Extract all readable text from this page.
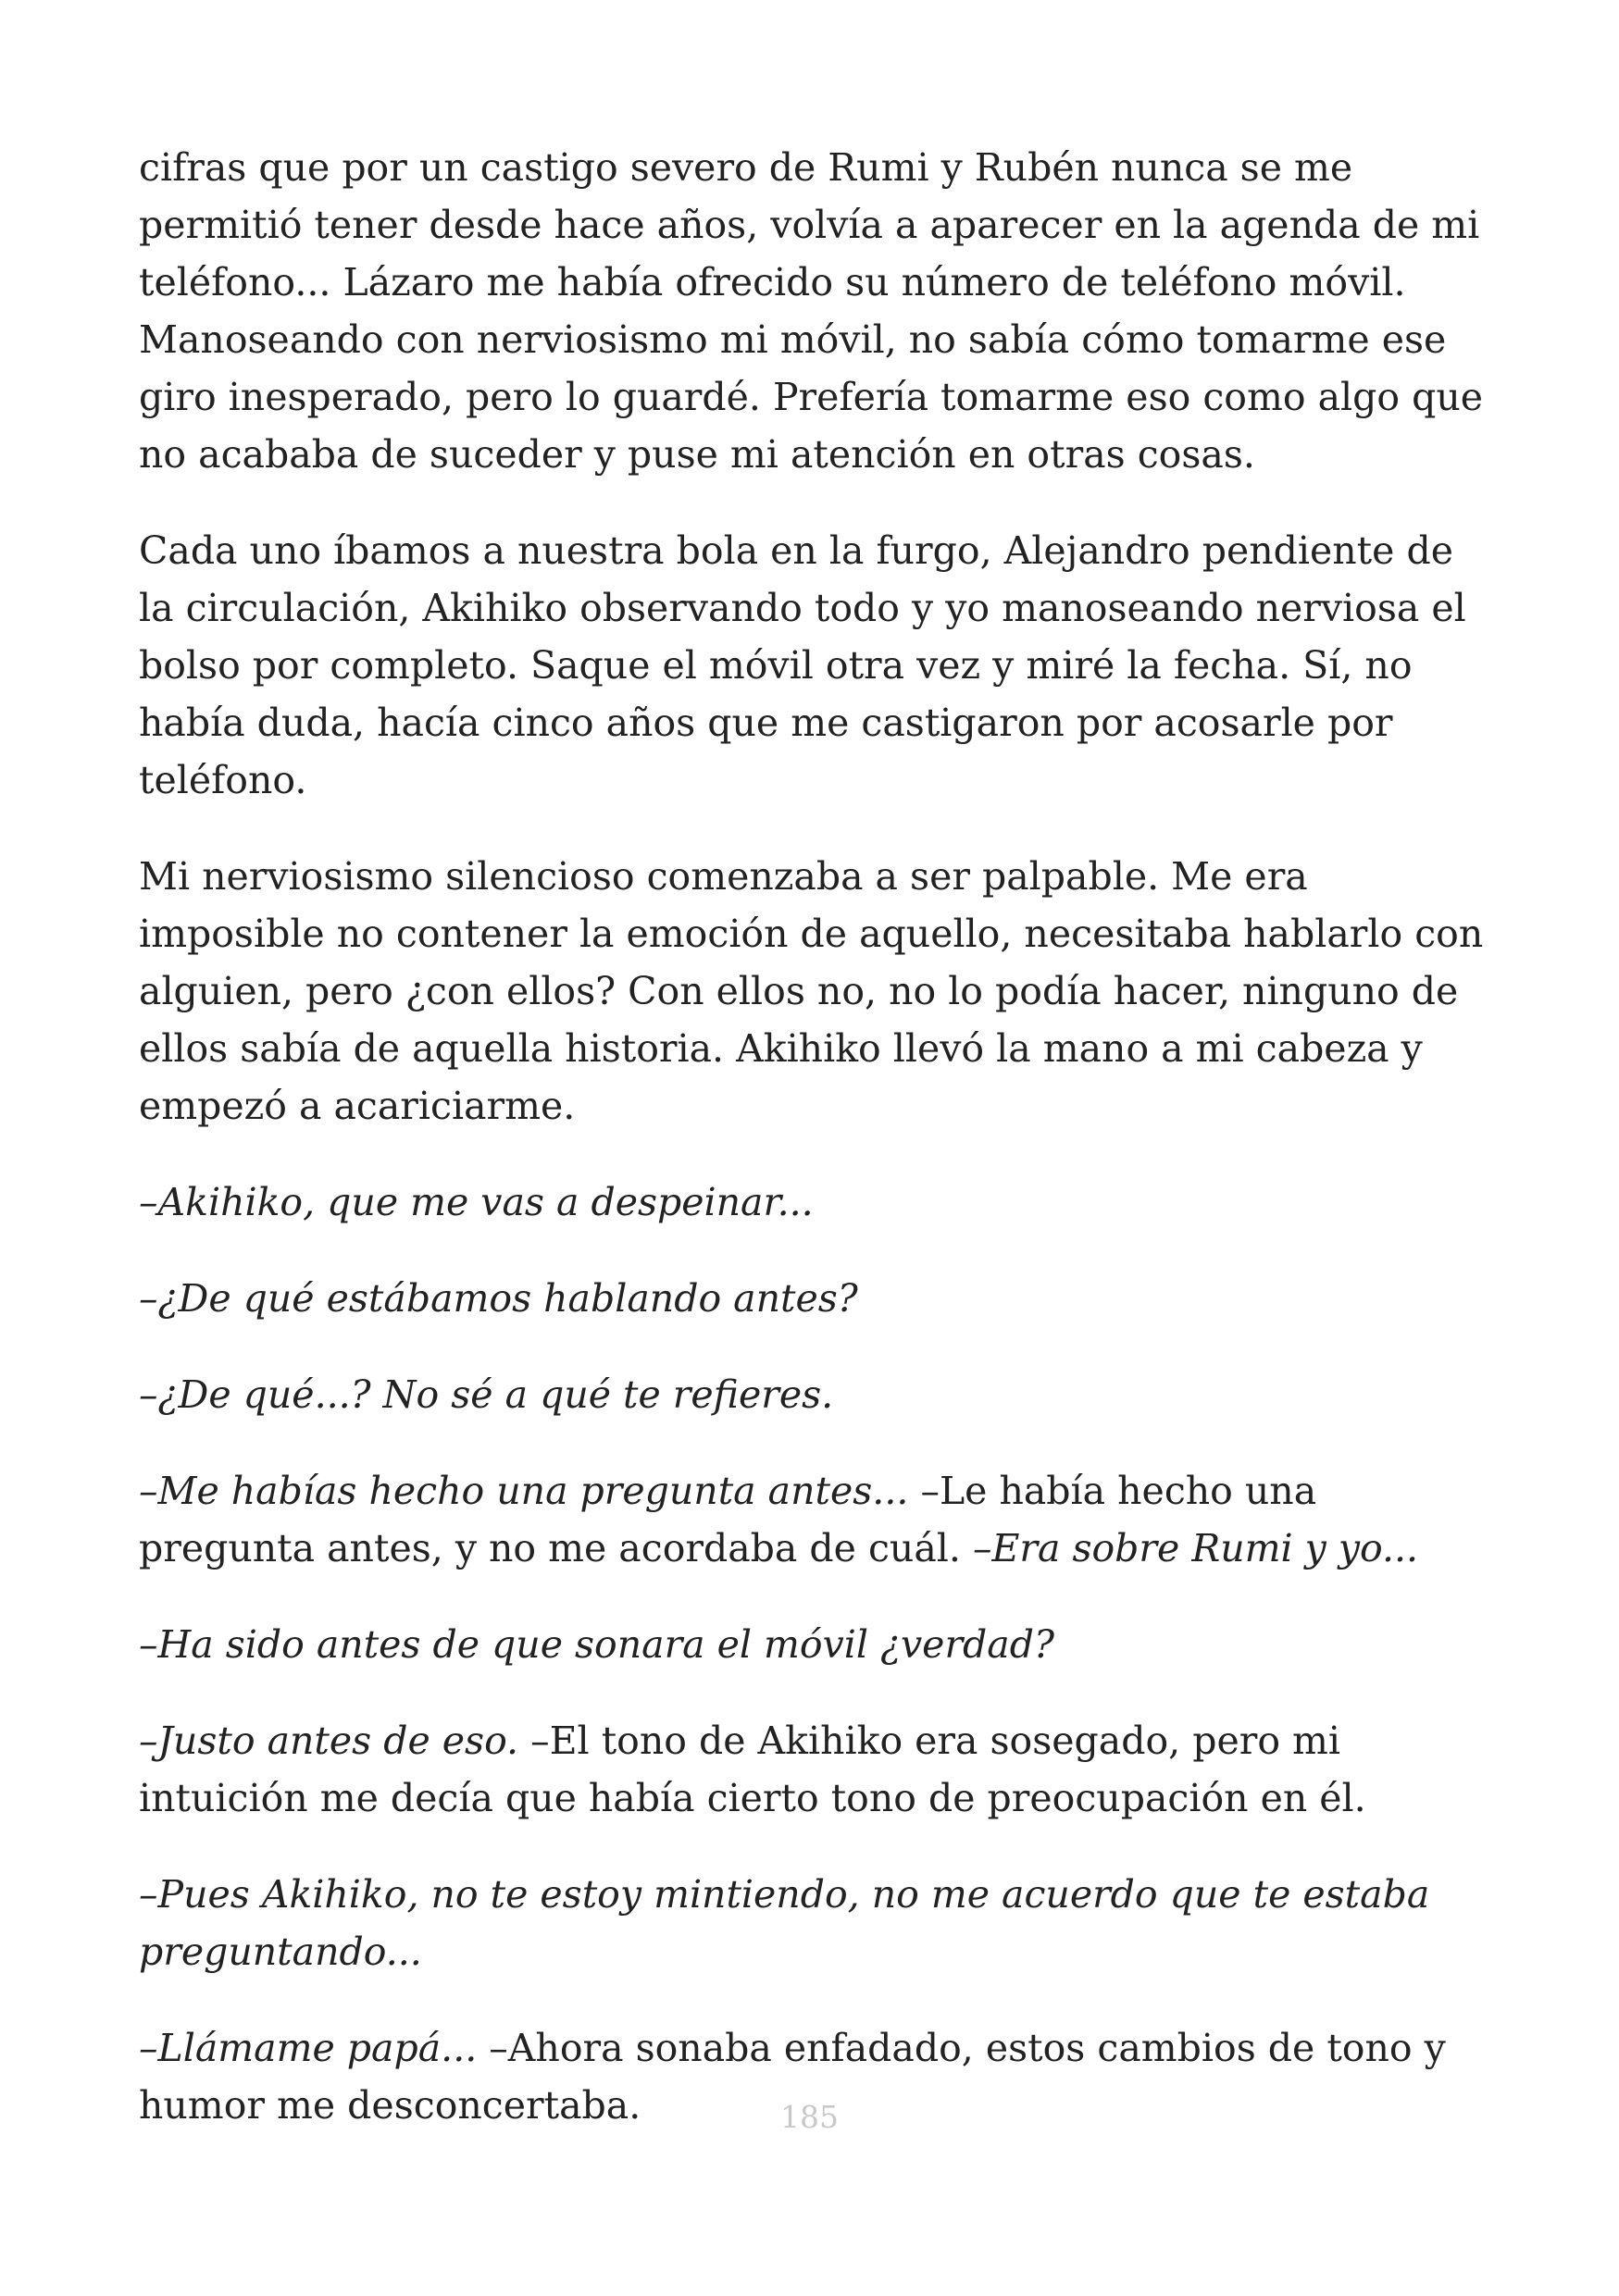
cifras que por un castigo severo de Rumi y Rubén nunca se me permitió tener desde hace años, volvía a aparecer en la agenda de mi teléfono... Lázaro me había ofrecido su número de teléfono móvil. Manoseando con nerviosismo mi móvil, no sabía cómo tomarme ese giro inesperado, pero lo guardé. Prefería tomarme eso como algo que no acababa de suceder y puse mi atención en otras cosas.

Cada uno íbamos a nuestra bola en la furgo, Alejandro pendiente de la circulación, Akihiko observando todo y yo manoseando nerviosa el bolso por completo. Saque el móvil otra vez y miré la fecha. Sí, no había duda, hacía cinco años que me castigaron por acosarle por teléfono.

Mi nerviosismo silencioso comenzaba a ser palpable. Me era imposible no contener la emoción de aquello, necesitaba hablarlo con alguien, pero ¿con ellos? Con ellos no, no lo podía hacer, ninguno de ellos sabía de aquella historia. Akihiko llevó la mano a mi cabeza y empezó a acariciarme.

–Akihiko, que me vas a despeinar...

–¿De qué estábamos hablando antes?

–¿De qué...? No sé a qué te refieres.

–Me habías hecho una pregunta antes... –Le había hecho una pregunta antes, y no me acordaba de cuál. –Era sobre Rumi y yo...

–Ha sido antes de que sonara el móvil ¿verdad?

–Justo antes de eso. –El tono de Akihiko era sosegado, pero mi intuición me decía que había cierto tono de preocupación en él.

–Pues Akihiko, no te estoy mintiendo, no me acuerdo que te estaba preguntando...

–Llámame papá... –Ahora sonaba enfadado, estos cambios de tono y humor me desconcertaba.	185
